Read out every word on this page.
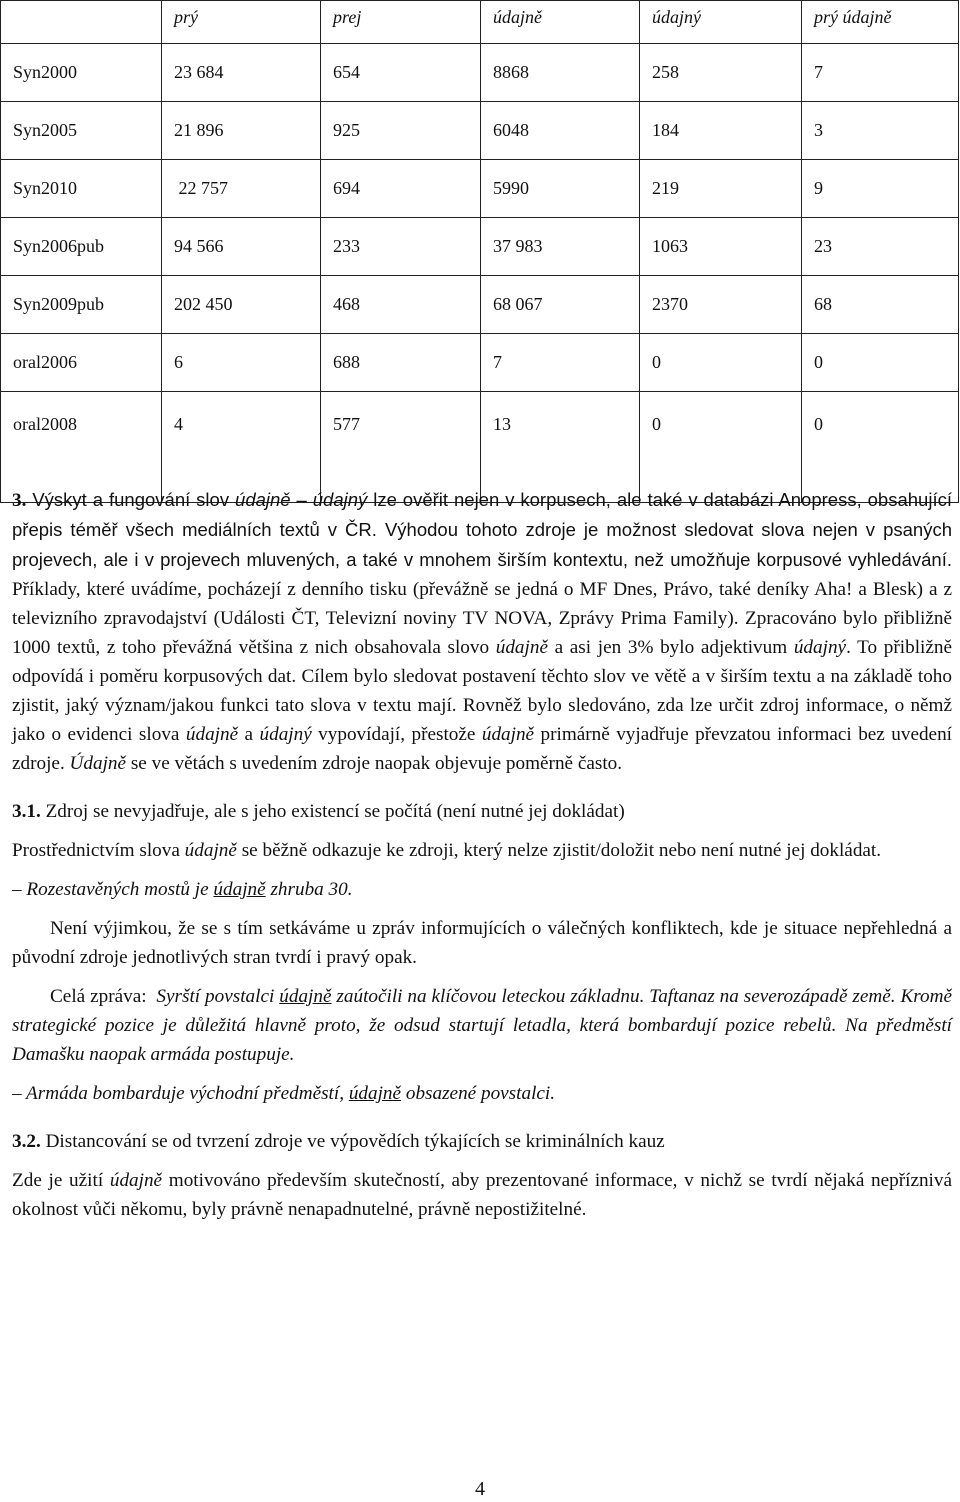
	prý	prej	údajně	údajný	prý údajně
Syn2000	23 684	654	8868	258	7
Syn2005	21 896	925	6048	184	3
Syn2010	22 757	694	5990	219	9
Syn2006pub	94 566	233	37 983	1063	23
Syn2009pub	202 450	468	68 067	2370	68
oral2006	6	688	7	0	0
oral2008	4	577	13	0	0

3. Výskyt a fungování slov údajně – údajný lze ověřit nejen v korpusech, ale také v databázi Anopress, obsahující přepis téměř všech mediálních textů v ČR. Výhodou tohoto zdroje je možnost sledovat slova nejen v psaných projevech, ale i v projevech mluvených, a také v mnohem širším kontextu, než umožňuje korpusové vyhledávání. Příklady, které uvádíme, pocházejí z denního tisku (převážně se jedná o MF Dnes, Právo, také deníky Aha! a Blesk) a z televizního zpravodajství (Události ČT, Televizní noviny TV NOVA, Zprávy Prima Family). Zpracováno bylo přibližně 1000 textů, z toho převážná většina z nich obsahovala slovo údajně a asi jen 3% bylo adjektivum údajný. To přibližně odpovídá i poměru korpusových dat. Cílem bylo sledovat postavení těchto slov ve větě a v širším textu a na základě toho zjistit, jaký význam/jakou funkci tato slova v textu mají. Rovněž bylo sledováno, zda lze určit zdroj informace, o němž jako o evidenci slova údajně a údajný vypovídají, přestože údajně primárně vyjadřuje převzatou informaci bez uvedení zdroje. Údajně se ve větách s uvedením zdroje naopak objevuje poměrně často.

3.1. Zdroj se nevyjadřuje, ale s jeho existencí se počítá (není nutné jej dokládat)

Prostřednictvím slova údajně se běžně odkazuje ke zdroji, který nelze zjistit/doložit nebo není nutné jej dokládat.

– Rozestavěných mostů je údajně zhruba 30.

Není výjimkou, že se s tím setkáváme u zpráv informujících o válečných konfliktech, kde je situace nepřehledná a původní zdroje jednotlivých stran tvrdí i pravý opak.

Celá zpráva:  Syrští povstalci údajně zaútočili na klíčovou leteckou základnu. Taftanaz na severozápadě země. Kromě strategické pozice je důležitá hlavně proto, že odsud startují letadla, která bombardují pozice rebelů. Na předměstí Damašku naopak armáda postupuje.

– Armáda bombarduje východní předměstí, údajně obsazené povstalci.

3.2. Distancování se od tvrzení zdroje ve výpovědích týkajících se kriminálních kauz

Zde je užití údajně motivováno především skutečností, aby prezentované informace, v nichž se tvrdí nějaká nepříznivá okolnost vůči někomu, byly právně nenapadnutelné, právně nepostižitelné.

4
